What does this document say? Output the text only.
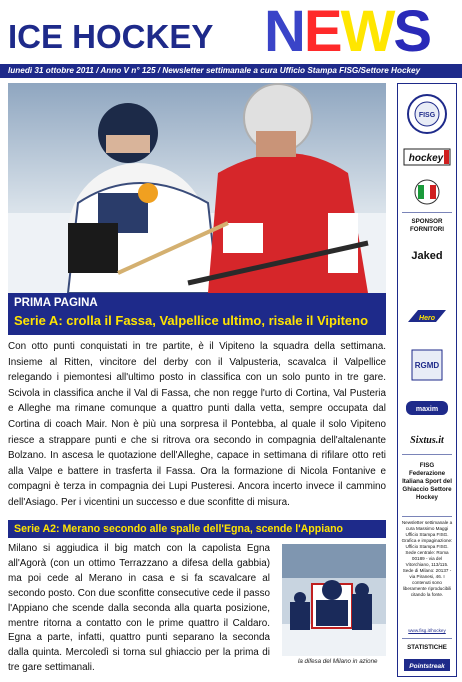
ICE HOCKEY NEWS
lunedì 31 ottobre 2011 / Anno V n° 125 / Newsletter settimanale a cura Ufficio Stampa FISG/Settore Hockey
PRIMA PAGINA
Serie A: crolla il Fassa, Valpellice ultimo, risale il Vipiteno

Con otto punti conquistati in tre partite, è il Vipiteno la squadra della settimana. Insieme al Ritten, vincitore del derby con il Valpusteria, scavalca il Valpellice relegando i piemontesi all'ultimo posto in classifica con un solo punto in tre gare. Scivola in classifica anche il Val di Fassa, che non regge l'urto di Cortina, Val Pusteria e Alleghe ma rimane comunque a quattro punti dalla vetta, sempre occupata dal Cortina di coach Mair. Non è più una sorpresa il Pontebba, al quale il solo Vipiteno riesce a strappare punti e che si ritrova ora secondo in compagnia dell'altalenante Bolzano. In ascesa le quotazione dell'Alleghe, capace in settimana di rifilare otto reti alla Valpe e battere in trasferta il Fassa. Ora la formazione di Nicola Fontanive e compagni è terza in compagnia dei Lupi Pusteresi. Ancora incerto invece il cammino dell'Asiago. Per i vicentini un successo e due sconfitte di misura.

Serie A2: Merano secondo alle spalle dell'Egna, scende l'Appiano

Milano si aggiudica il big match con la capolista Egna all'Agorà (con un ottimo Terrazzano a difesa della gabbia) ma poi cede al Merano in casa e si fa scavalcare al secondo posto. Con due sconfitte consecutive cede il passo l'Appiano che scende dalla seconda alla quarta posizione, mentre ritorna a contatto con le prime quattro il Caldaro. Egna a parte, infatti, quattro punti separano la seconda dalla quinta. Mercoledì si torna sul ghiaccio per la prima di tre gare settimanali.

la difesa del Milano in azione
FISG
hockey
SPONSOR FORNITORI
Jaked
Hero
RGMD
maxim
Sixtus.it
FISG Federazione Italiana Sport del Ghiaccio Settore Hockey
Newsletter settimanale a cura Massimo Maggi Ufficio Stampa FISG. Grafica e impaginazione: Ufficio Stampa FISG. Sede centrale: Roma 00189 - via del Vitorchiano, 113/115. Sede di Milano: 20137 - via Piranesi, 46. I contenuti sono liberamente riproducibili citando la fonte.
www.fisg.it/hockey
STATISTICHE
Pointstreak
